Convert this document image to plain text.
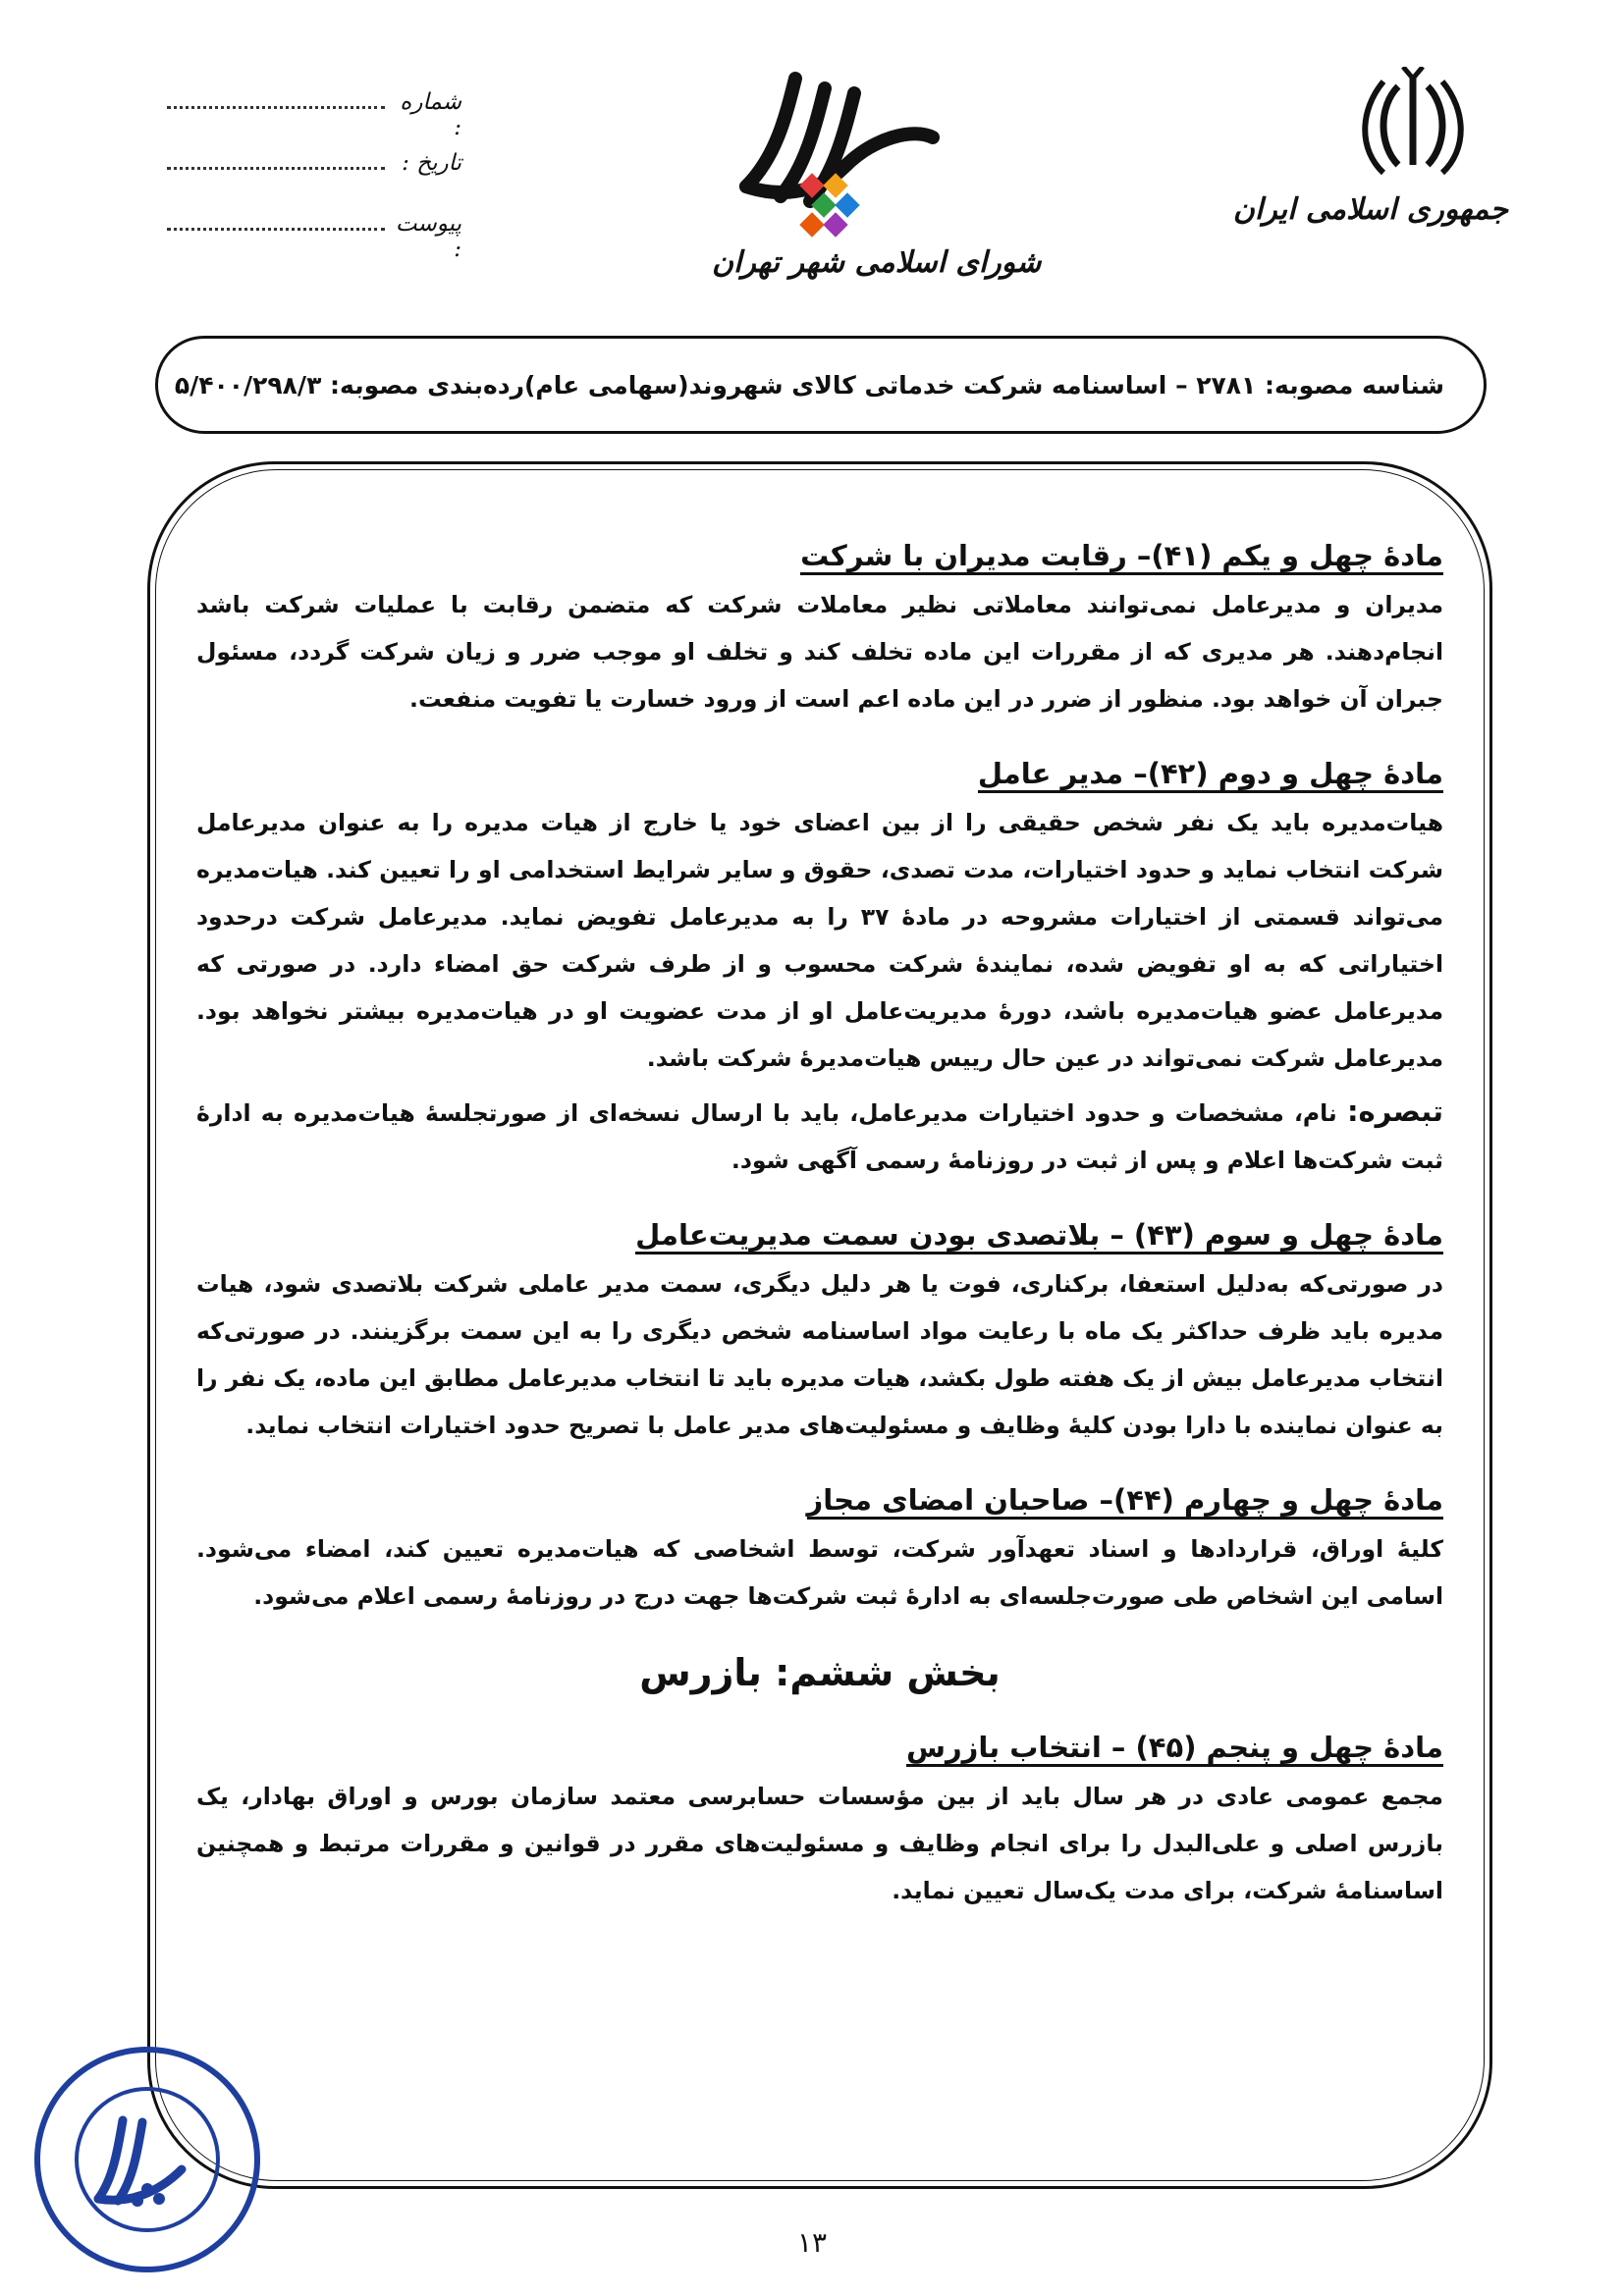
جمهوری اسلامی ایران
شورای اسلامی شهر تهران
شماره :
تاریخ :
پیوست :
شناسه مصوبه: ۲۷۸۱ – اساسنامه شرکت خدماتی کالای شهروند(سهامی عام)
رده‌بندی مصوبه: ۵/۴۰۰/۲۹۸/۳
مادهٔ چهل و یکم (۴۱)– رقابت مدیران با شرکت

مدیران و مدیرعامل نمی‌توانند معاملاتی نظیر معاملات شرکت که متضمن رقابت با عملیات شرکت باشد انجام‌دهند. هر مدیری که از مقررات این ماده تخلف کند و تخلف او موجب ضرر و زیان شرکت گردد، مسئول جبران آن خواهد بود. منظور از ضرر در این ماده اعم است از ورود خسارت یا تفویت منفعت.

مادهٔ چهل و دوم (۴۲)– مدیر عامل

هیات‌مدیره باید یک نفر شخص حقیقی را از بین اعضای خود یا خارج از هیات مدیره را به عنوان مدیرعامل شرکت انتخاب نماید و حدود اختیارات، مدت تصدی، حقوق و سایر شرایط استخدامی او را تعیین کند. هیات‌مدیره می‌تواند قسمتی از اختیارات مشروحه در مادهٔ ۳۷ را به مدیرعامل تفویض نماید. مدیرعامل شرکت درحدود اختیاراتی که به او تفویض شده، نمایندهٔ شرکت محسوب و از طرف شرکت حق امضاء دارد. در صورتی که مدیرعامل عضو هیات‌مدیره باشد، دورهٔ مدیریت‌عامل او از مدت عضویت او در هیات‌مدیره بیشتر نخواهد بود. مدیرعامل شرکت نمی‌تواند در عین حال رییس هیات‌مدیرهٔ شرکت باشد.

تبصره: نام، مشخصات و حدود اختیارات مدیرعامل، باید با ارسال نسخه‌ای از صورتجلسهٔ هیات‌مدیره به ادارهٔ ثبت شرکت‌ها اعلام و پس از ثبت در روزنامهٔ رسمی آگهی شود.

مادهٔ چهل و سوم (۴۳) – بلاتصدی بودن سمت مدیریت‌عامل

در صورتی‌که به‌دلیل استعفا، برکناری، فوت یا هر دلیل دیگری، سمت مدیر عاملی شرکت بلاتصدی شود، هیات مدیره باید ظرف حداکثر یک ماه با رعایت مواد اساسنامه شخص دیگری را به این سمت برگزینند. در صورتی‌که انتخاب مدیرعامل بیش از یک هفته طول بکشد، هیات مدیره باید تا انتخاب مدیرعامل مطابق این ماده، یک نفر را به عنوان نماینده با دارا بودن کلیهٔ وظایف و مسئولیت‌های مدیر عامل با تصریح حدود اختیارات انتخاب نماید.

مادهٔ چهل و چهارم (۴۴)– صاحبان امضای مجاز

کلیهٔ اوراق، قراردادها و اسناد تعهدآور شرکت، توسط اشخاصی که هیات‌مدیره تعیین کند، امضاء می‌شود. اسامی این اشخاص طی صورت‌جلسه‌ای به ادارهٔ ثبت شرکت‌ها جهت درج در روزنامهٔ رسمی اعلام می‌شود.

بخش ششم: بازرس
مادهٔ چهل و پنجم (۴۵) – انتخاب بازرس

مجمع عمومی عادی در هر سال باید از بین مؤسسات حسابرسی معتمد سازمان بورس و اوراق بهادار، یک بازرس اصلی و علی‌البدل را برای انجام وظایف و مسئولیت‌های مقرر در قوانین و مقررات مرتبط و همچنین اساسنامهٔ شرکت، برای مدت یک‌سال تعیین نماید.

۱۳
